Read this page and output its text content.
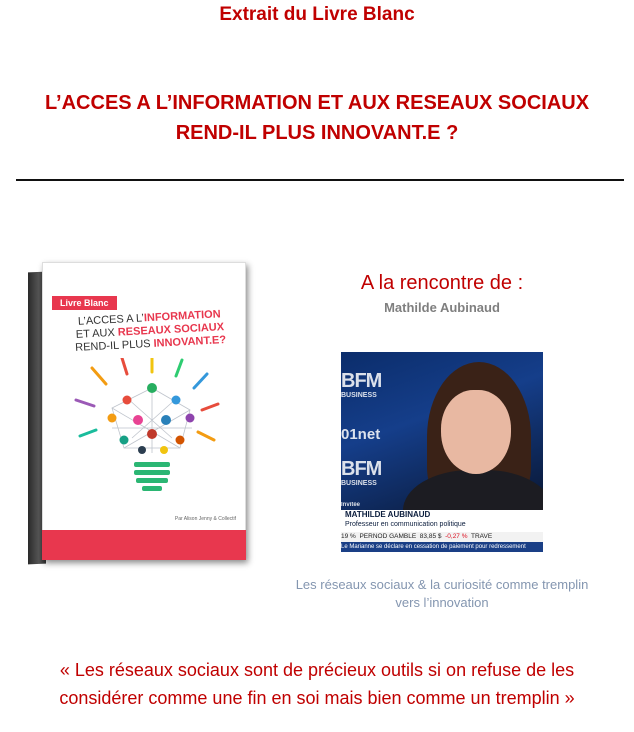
Extrait du Livre Blanc
L’ACCES A L’INFORMATION ET AUX RESEAUX SOCIAUX
REND-IL PLUS INNOVANT.E ?
Livre Blanc
L’ACCES A L’INFORMATION
ET AUX RESEAUX SOCIAUX
REND-IL PLUS INNOVANT.E?
Par Alison Jenny & Collectif
A la rencontre de :
Mathilde Aubinaud
BFM
BUSINESS
01net
BFM
BUSINESS
Invitée
MATHILDE AUBINAUD
Professeur en communication politique
19 % PERNOD GAMBLE 83,85 $ -0,27 % TRAVE
Le Marianne se déclare en cessation de paiement pour redressement
Les réseaux sociaux & la curiosité comme tremplin
vers l’innovation
« Les réseaux sociaux sont de précieux outils si on refuse de les
considérer comme une fin en soi mais bien comme un tremplin »
